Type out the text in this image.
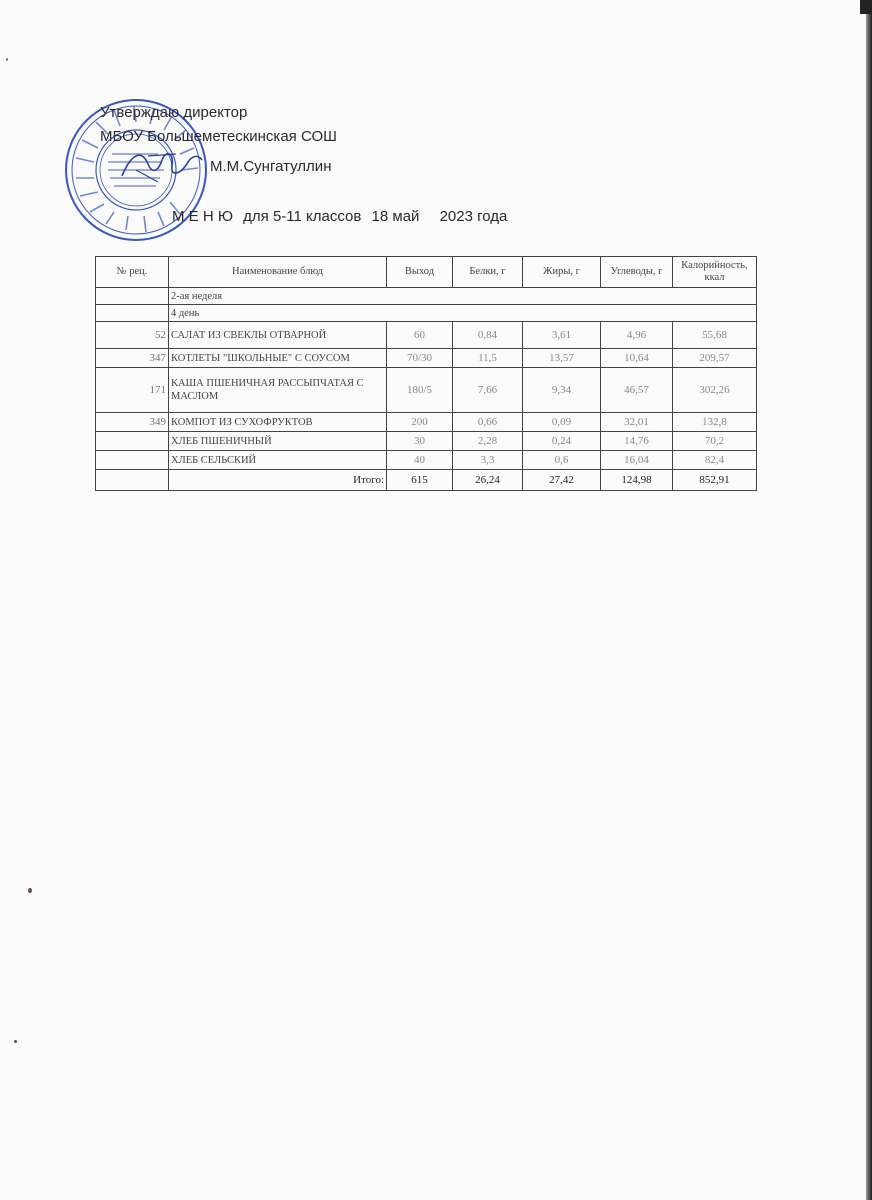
Утверждаю директор
МБОУ Большеметескинская СОШ
М.М.Сунгатуллин
М Е Н Ю для 5-11 классов 18 май 2023 года
№ рец.	Наименование блюд	Выход	Белки, г	Жиры, г	Углеводы, г	Калорийность, ккал
	2-ая неделя					
	4 день					
52	САЛАТ ИЗ СВЕКЛЫ ОТВАРНОЙ	60	0,84	3,61	4,96	55,68
347	КОТЛЕТЫ "ШКОЛЬНЫЕ" С СОУСОМ	70/30	11,5	13,57	10,64	209,57
171	КАША ПШЕНИЧНАЯ РАССЫПЧАТАЯ С МАСЛОМ	180/5	7,66	9,34	46,57	302,26
349	КОМПОТ ИЗ СУХОФРУКТОВ	200	0,66	0,09	32,01	132,8
	ХЛЕБ ПШЕНИЧНЫЙ	30	2,28	0,24	14,76	70,2
	ХЛЕБ СЕЛЬСКИЙ	40	3,3	0,6	16,04	82,4
	Итого:	615	26,24	27,42	124,98	852,91
